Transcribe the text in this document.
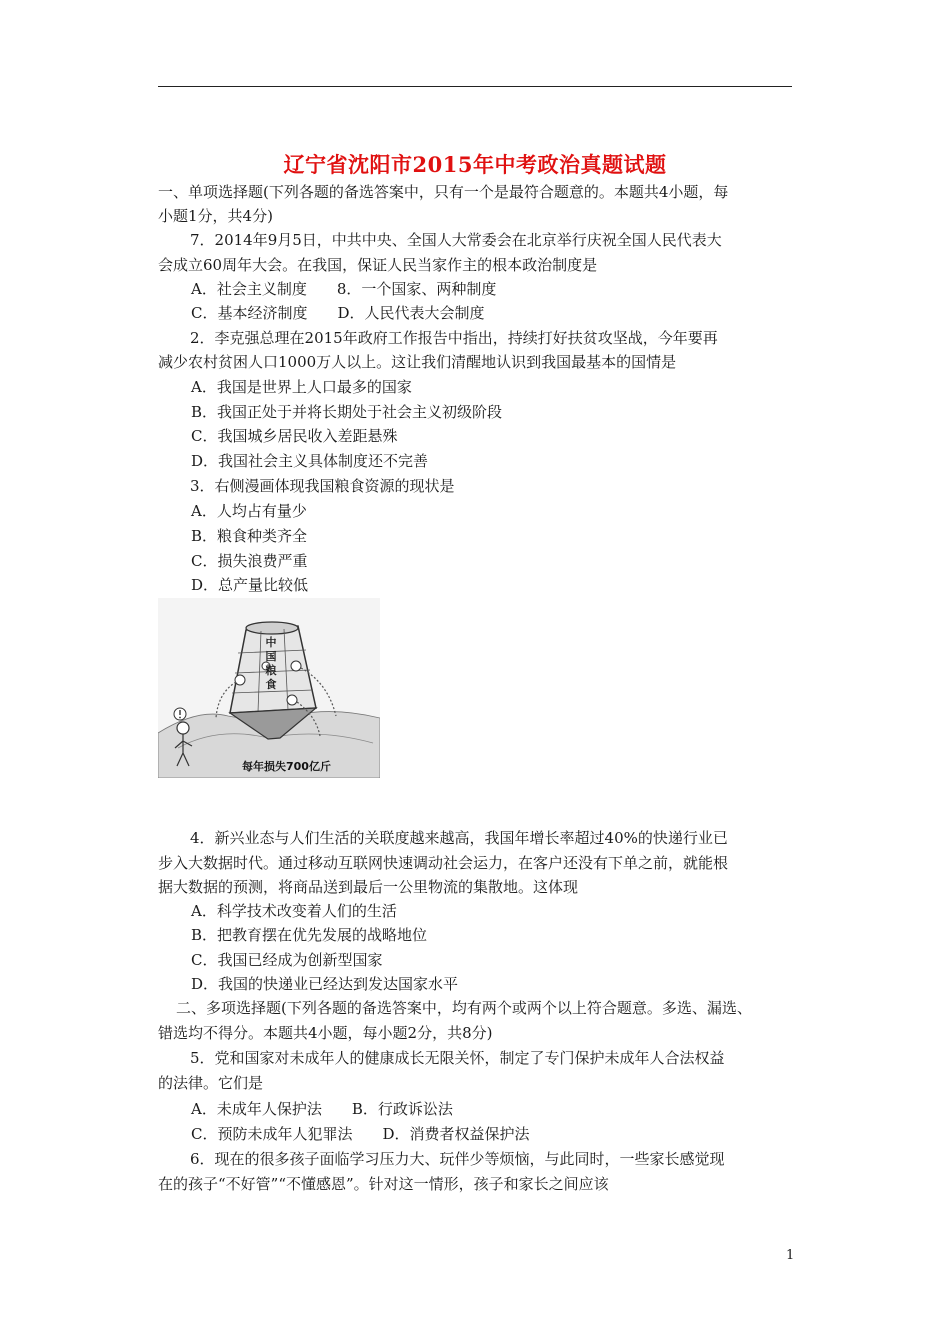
辽宁省沈阳市2015年中考政治真题试题
一、单项选择题(下列各题的备选答案中，只有一个是最符合题意的。本题共4小题，每
小题1分，共4分)
7．2014年9月5日，中共中央、全国人大常委会在北京举行庆祝全国人民代表大
会成立60周年大会。在我国，保证人民当家作主的根本政治制度是
A．社会主义制度　　8．一个国家、两种制度
C．基本经济制度　　D．人民代表大会制度
2．李克强总理在2015年政府工作报告中指出，持续打好扶贫攻坚战，今年要再
减少农村贫困人口1000万人以上。这让我们清醒地认识到我国最基本的国情是
A．我国是世界上人口最多的国家
B．我国正处于并将长期处于社会主义初级阶段
C．我国城乡居民收入差距悬殊
D．我国社会主义具体制度还不完善
3．右侧漫画体现我国粮食资源的现状是
A．人均占有量少
B．粮食种类齐全
C．损失浪费严重
D．总产量比较低
中
国
粮
食
每年损失700亿斤
4．新兴业态与人们生活的关联度越来越高，我国年增长率超过40%的快递行业已
步入大数据时代。通过移动互联网快速调动社会运力，在客户还没有下单之前，就能根
据大数据的预测，将商品送到最后一公里物流的集散地。这体现
A．科学技术改变着人们的生活
B．把教育摆在优先发展的战略地位
C．我国已经成为创新型国家
D．我国的快递业已经达到发达国家水平
二、多项选择题(下列各题的备选答案中，均有两个或两个以上符合题意。多选、漏选、
错选均不得分。本题共4小题，每小题2分，共8分)
5．党和国家对未成年人的健康成长无限关怀，制定了专门保护未成年人合法权益
的法律。它们是
A．未成年人保护法　　B．行政诉讼法
C．预防未成年人犯罪法　　D．消费者权益保护法
6．现在的很多孩子面临学习压力大、玩伴少等烦恼，与此同时，一些家长感觉现
在的孩子“不好管”“不懂感恩”。针对这一情形，孩子和家长之间应该
1
